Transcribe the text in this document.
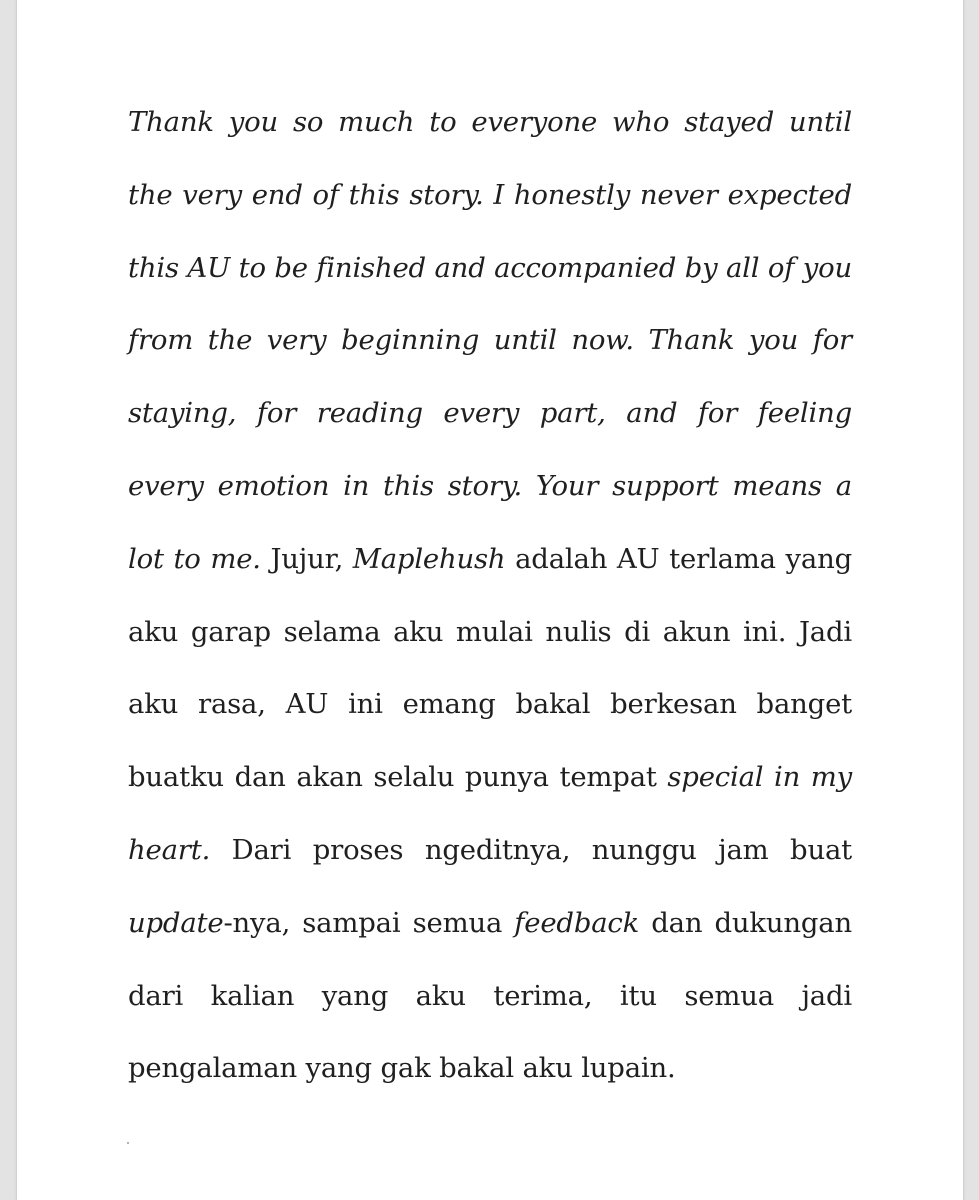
Thank you so much to everyone who stayed until the very end of this story. I honestly never expected this AU to be finished and accompanied by all of you from the very beginning until now. Thank you for staying, for reading every part, and for feeling every emotion in this story. Your support means a lot to me. Jujur, Maplehush adalah AU terlama yang aku garap selama aku mulai nulis di akun ini. Jadi aku rasa, AU ini emang bakal berkesan banget buatku dan akan selalu punya tempat special in my heart. Dari proses ngeditnya, nunggu jam buat update-nya, sampai semua feedback dan dukungan dari kalian yang aku terima, itu semua jadi pengalaman yang gak bakal aku lupain.
